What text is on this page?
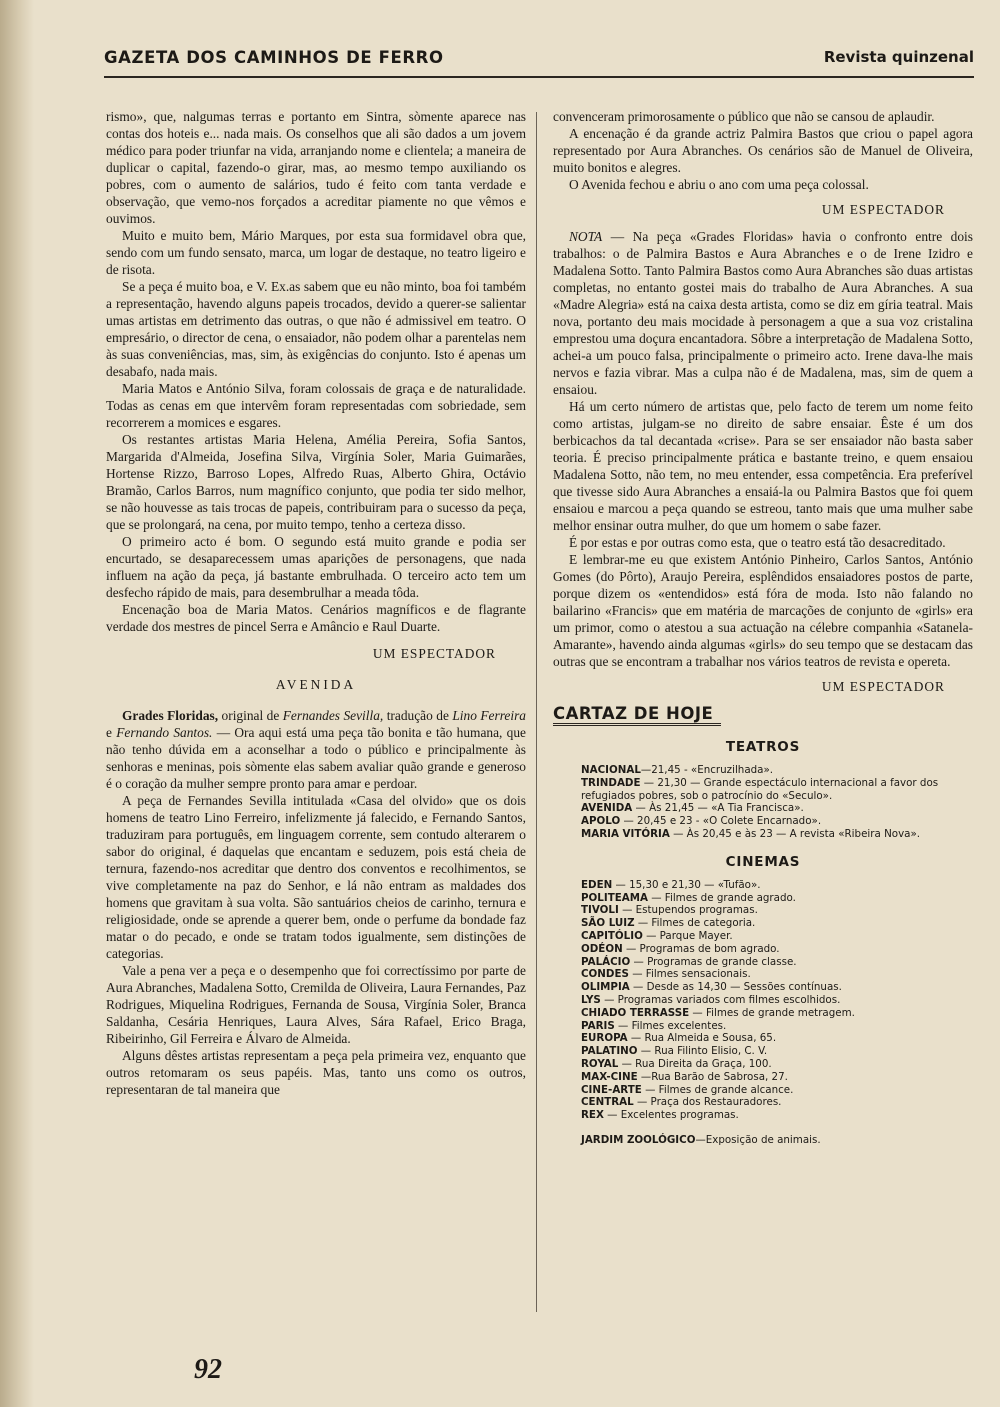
GAZETA DOS CAMINHOS DE FERRO	Revista quinzenal

rismo», que, nalgumas terras e portanto em Sintra, sòmente aparece nas contas dos hoteis e... nada mais. Os conselhos que ali são dados a um jovem médico para poder triunfar na vida, arranjando nome e clientela; a maneira de duplicar o capital, fazendo-o girar, mas, ao mesmo tempo auxiliando os pobres, com o aumento de salários, tudo é feito com tanta verdade e observação, que vemo-nos forçados a acreditar piamente no que vêmos e ouvimos.

Muito e muito bem, Mário Marques, por esta sua formidavel obra que, sendo com um fundo sensato, marca, um logar de destaque, no teatro ligeiro e de risota.

Se a peça é muito boa, e V. Ex.as sabem que eu não minto, boa foi também a representação, havendo alguns papeis trocados, devido a querer-se salientar umas artistas em detrimento das outras, o que não é admissivel em teatro. O empresário, o director de cena, o ensaiador, não podem olhar a parentelas nem às suas conveniências, mas, sim, às exigências do conjunto. Isto é apenas um desabafo, nada mais.

Maria Matos e António Silva, foram colossais de graça e de naturalidade. Todas as cenas em que intervêm foram representadas com sobriedade, sem recorrerem a momices e esgares.

Os restantes artistas Maria Helena, Amélia Pereira, Sofia Santos, Margarida d'Almeida, Josefina Silva, Virgínia Soler, Maria Guimarães, Hortense Rizzo, Barroso Lopes, Alfredo Ruas, Alberto Ghira, Octávio Bramão, Carlos Barros, num magnífico conjunto, que podia ter sido melhor, se não houvesse as tais trocas de papeis, contribuiram para o sucesso da peça, que se prolongará, na cena, por muito tempo, tenho a certeza disso.

O primeiro acto é bom. O segundo está muito grande e podia ser encurtado, se desaparecessem umas aparições de personagens, que nada influem na ação da peça, já bastante embrulhada. O terceiro acto tem um desfecho rápido de mais, para desembrulhar a meada tôda.

Encenação boa de Maria Matos. Cenários magníficos e de flagrante verdade dos mestres de pincel Serra e Amâncio e Raul Duarte.

UM ESPECTADOR
AVENIDA

Grades Floridas, original de Fernandes Sevilla, tradução de Lino Ferreira e Fernando Santos. — Ora aqui está uma peça tão bonita e tão humana, que não tenho dúvida em a aconselhar a todo o público e principalmente às senhoras e meninas, pois sòmente elas sabem avaliar quão grande e generoso é o coração da mulher sempre pronto para amar e perdoar.

A peça de Fernandes Sevilla intitulada «Casa del olvido» que os dois homens de teatro Lino Ferreiro, infelizmente já falecido, e Fernando Santos, traduziram para português, em linguagem corrente, sem contudo alterarem o sabor do original, é daquelas que encantam e seduzem, pois está cheia de ternura, fazendo-nos acreditar que dentro dos conventos e recolhimentos, se vive completamente na paz do Senhor, e lá não entram as maldades dos homens que gravitam à sua volta. São santuários cheios de carinho, ternura e religiosidade, onde se aprende a querer bem, onde o perfume da bondade faz matar o do pecado, e onde se tratam todos igualmente, sem distinções de categorias.

Vale a pena ver a peça e o desempenho que foi correctíssimo por parte de Aura Abranches, Madalena Sotto, Cremilda de Oliveira, Laura Fernandes, Paz Rodrigues, Miquelina Rodrigues, Fernanda de Sousa, Virgínia Soler, Branca Saldanha, Cesária Henriques, Laura Alves, Sára Rafael, Erico Braga, Ribeirinho, Gil Ferreira e Álvaro de Almeida.

Alguns dêstes artistas representam a peça pela primeira vez, enquanto que outros retomaram os seus papéis. Mas, tanto uns como os outros, representaran de tal maneira que

convenceram primorosamente o público que não se cansou de aplaudir.

A encenação é da grande actriz Palmira Bastos que criou o papel agora representado por Aura Abranches. Os cenários são de Manuel de Oliveira, muito bonitos e alegres.

O Avenida fechou e abriu o ano com uma peça colossal.

UM ESPECTADOR

NOTA — Na peça «Grades Floridas» havia o confronto entre dois trabalhos: o de Palmira Bastos e Aura Abranches e o de Irene Izidro e Madalena Sotto. Tanto Palmira Bastos como Aura Abranches são duas artistas completas, no entanto gostei mais do trabalho de Aura Abranches. A sua «Madre Alegria» está na caixa desta artista, como se diz em gíria teatral. Mais nova, portanto deu mais mocidade à personagem a que a sua voz cristalina emprestou uma doçura encantadora. Sôbre a interpretação de Madalena Sotto, achei-a um pouco falsa, principalmente o primeiro acto. Irene dava-lhe mais nervos e fazia vibrar. Mas a culpa não é de Madalena, mas, sim de quem a ensaiou.

Há um certo número de artistas que, pelo facto de terem um nome feito como artistas, julgam-se no direito de sabre ensaiar. Êste é um dos berbicachos da tal decantada «crise». Para se ser ensaiador não basta saber teoria. É preciso principalmente prática e bastante treino, e quem ensaiou Madalena Sotto, não tem, no meu entender, essa competência. Era preferível que tivesse sido Aura Abranches a ensaiá-la ou Palmira Bastos que foi quem ensaiou e marcou a peça quando se estreou, tanto mais que uma mulher sabe melhor ensinar outra mulher, do que um homem o sabe fazer.

É por estas e por outras como esta, que o teatro está tão desacreditado.

E lembrar-me eu que existem António Pinheiro, Carlos Santos, António Gomes (do Pôrto), Araujo Pereira, esplêndidos ensaiadores postos de parte, porque dizem os «entendidos» está fóra de moda. Isto não falando no bailarino «Francis» que em matéria de marcações de conjunto de «girls» era um primor, como o atestou a sua actuação na célebre companhia «Satanela-Amarante», havendo ainda algumas «girls» do seu tempo que se destacam das outras que se encontram a trabalhar nos vários teatros de revista e opereta.

UM ESPECTADOR
CARTAZ DE HOJE
TEATROS
NACIONAL—21,45 - «Encruzilhada».
TRINDADE — 21,30 — Grande espectáculo internacional a favor dos
refugiados pobres, sob o patrocínio do «Seculo».
AVENIDA — Às 21,45 — «A Tia Francisca».
APOLO — 20,45 e 23 - «O Colete Encarnado».
MARIA VITÓRIA — Às 20,45 e às 23 — A revista «Ribeira Nova».
CINEMAS
EDEN — 15,30 e 21,30 — «Tufão».
POLITEAMA — Filmes de grande agrado.
TIVOLI — Estupendos programas.
SÃO LUIZ — Filmes de categoria.
CAPITÓLIO — Parque Mayer.
ODÉON — Programas de bom agrado.
PALÁCIO — Programas de grande classe.
CONDES — Filmes sensacionais.
OLIMPIA — Desde as 14,30 — Sessões contínuas.
LYS — Programas variados com filmes escolhidos.
CHIADO TERRASSE — Filmes de grande metragem.
PARIS — Filmes excelentes.
EUROPA — Rua Almeida e Sousa, 65.
PALATINO — Rua Filinto Elisio, C. V.
ROYAL — Rua Direita da Graça, 100.
MAX-CINE —Rua Barão de Sabrosa, 27.
CINE-ARTE — Filmes de grande alcance.
CENTRAL — Praça dos Restauradores.
REX — Excelentes programas.
JARDIM ZOOLÓGICO—Exposição de animais.
92
